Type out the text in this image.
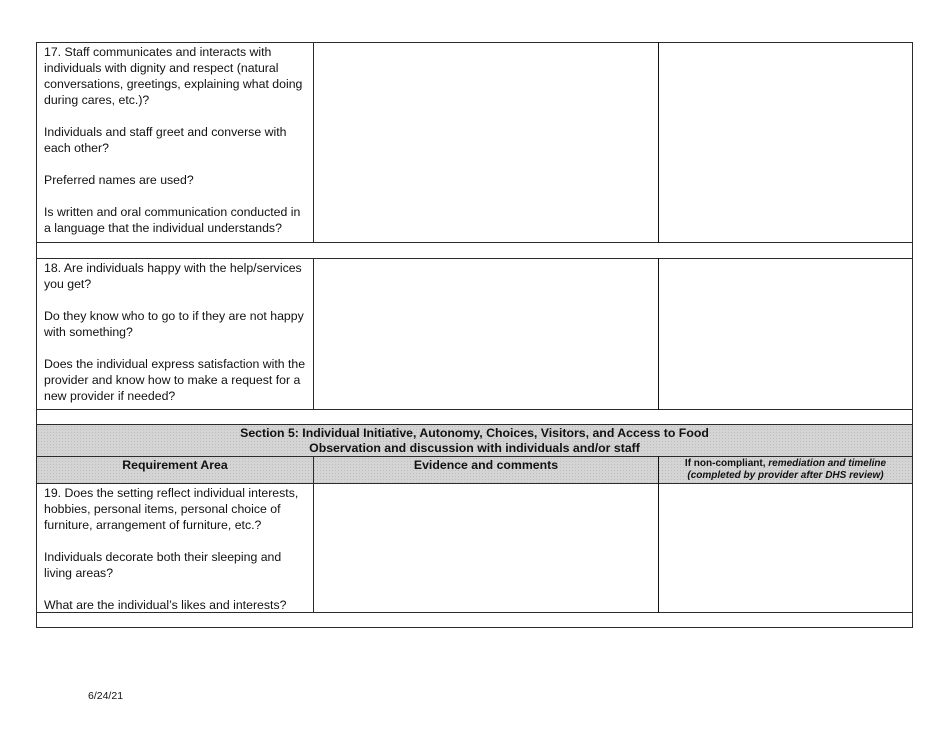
17. Staff communicates and interacts with individuals with dignity and respect (natural conversations, greetings, explaining what doing during cares, etc.)?

Individuals and staff greet and converse with each other?

Preferred names are used?

Is written and oral communication conducted in a language that the individual understands?

18. Are individuals happy with the help/services you get?

Do they know who to go to if they are not happy with something?

Does the individual express satisfaction with the provider and know how to make a request for a new provider if needed?

Section 5: Individual Initiative, Autonomy, Choices, Visitors, and Access to Food
Observation and discussion with individuals and/or staff
Requirement Area	Evidence and comments	If non-compliant, remediation and timeline
(completed by provider after DHS review)

19. Does the setting reflect individual interests, hobbies, personal items, personal choice of furniture, arrangement of furniture, etc.?

Individuals decorate both their sleeping and living areas?

What are the individual’s likes and interests?

6/24/21
